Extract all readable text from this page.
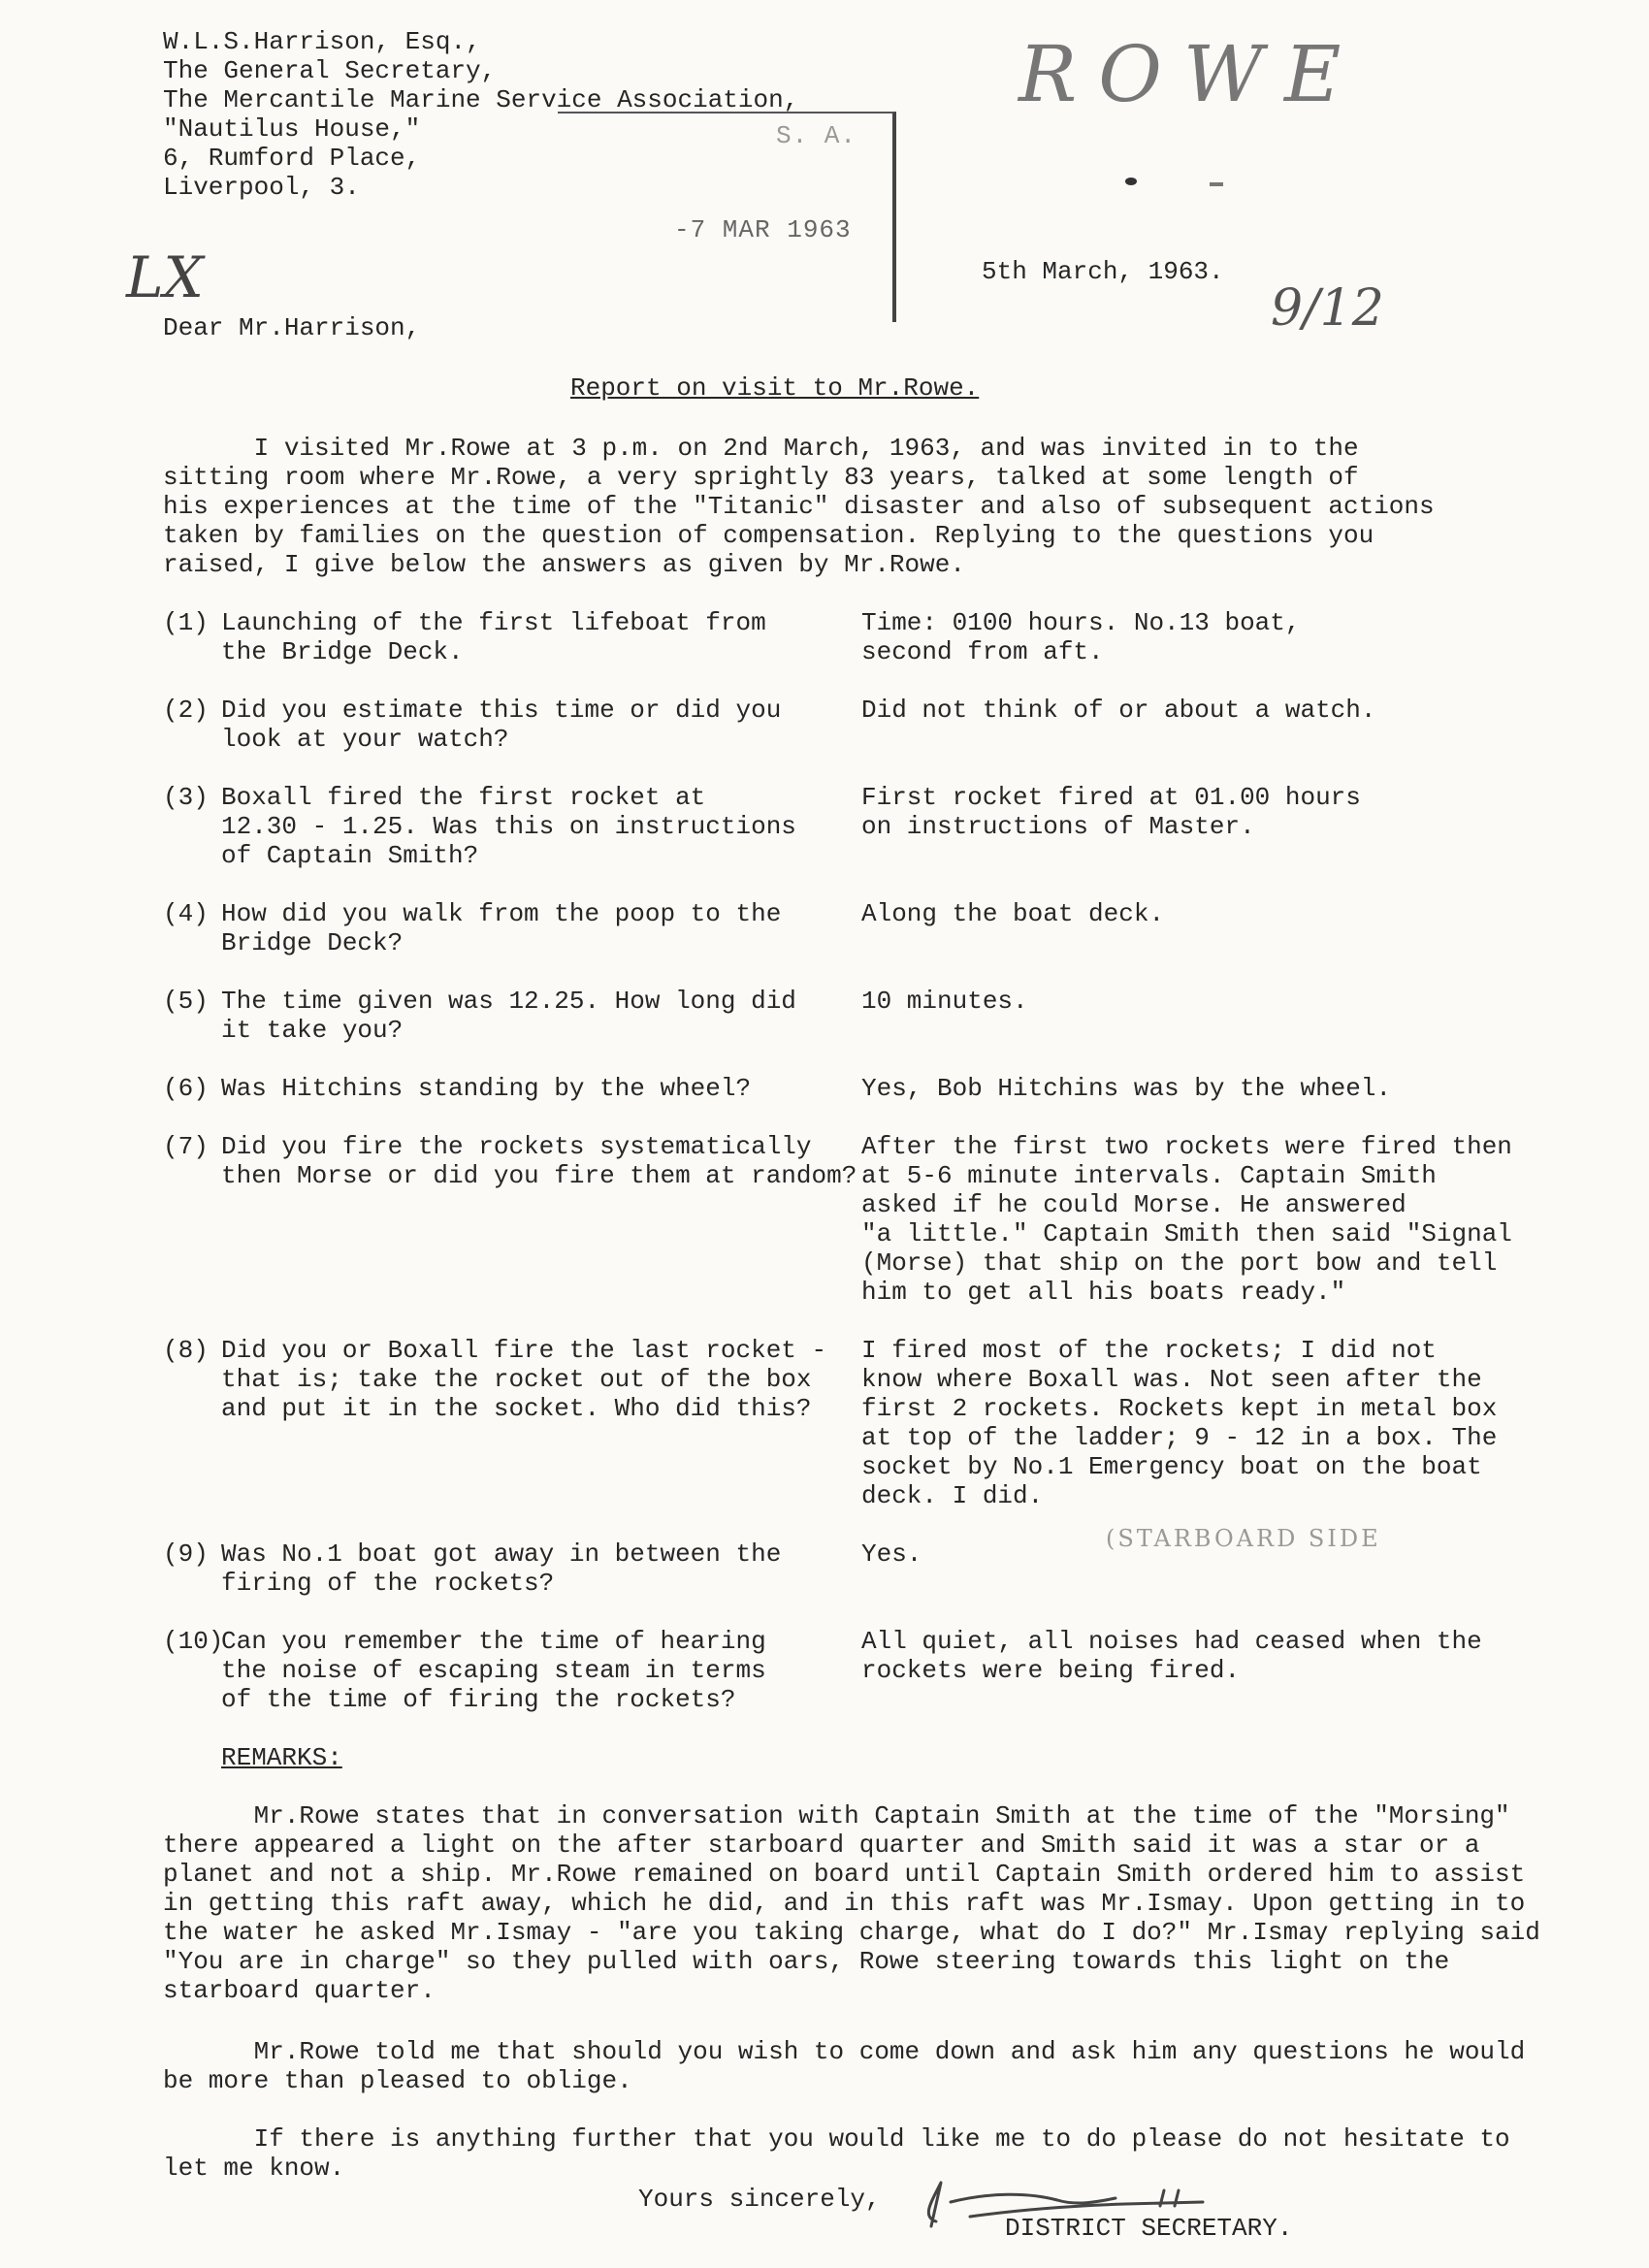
W.L.S.Harrison, Esq.,
The General Secretary,
The Mercantile Marine Service Association,
"Nautilus House,"
6, Rumford Place,
Liverpool, 3.
S. A.
-7 MAR 1963
ROWE
LX	9/12
(STARBOARD SIDE
5th March, 1963.
Dear Mr.Harrison,
Report on visit to Mr.Rowe.
I visited Mr.Rowe at 3 p.m. on 2nd March, 1963, and was invited in to the
sitting room where Mr.Rowe, a very sprightly 83 years, talked at some length of
his experiences at the time of the "Titanic" disaster and also of subsequent actions
taken by families on the question of compensation. Replying to the questions you
raised, I give below the answers as given by Mr.Rowe.
(1) Launching of the first lifeboat from
the Bridge Deck.
Time: 0100 hours. No.13 boat,
second from aft.
(2) Did you estimate this time or did you
look at your watch?
Did not think of or about a watch.
(3) Boxall fired the first rocket at
12.30 - 1.25. Was this on instructions
of Captain Smith?
First rocket fired at 01.00 hours
on instructions of Master.
(4) How did you walk from the poop to the
Bridge Deck?
Along the boat deck.
(5) The time given was 12.25. How long did
it take you?
10 minutes.
(6) Was Hitchins standing by the wheel?	Yes, Bob Hitchins was by the wheel.
(7) Did you fire the rockets systematically
then Morse or did you fire them at random?
After the first two rockets were fired then
at 5-6 minute intervals. Captain Smith
asked if he could Morse. He answered
"a little." Captain Smith then said "Signal
(Morse) that ship on the port bow and tell
him to get all his boats ready."
(8) Did you or Boxall fire the last rocket -
that is; take the rocket out of the box
and put it in the socket. Who did this?
I fired most of the rockets; I did not
know where Boxall was. Not seen after the
first 2 rockets. Rockets kept in metal box
at top of the ladder; 9 - 12 in a box. The
socket by No.1 Emergency boat on the boat
deck. I did.
(9) Was No.1 boat got away in between the
firing of the rockets?
Yes.
(10)
Can you remember the time of hearing
the noise of escaping steam in terms
of the time of firing the rockets?
All quiet, all noises had ceased when the
rockets were being fired.
REMARKS:
Mr.Rowe states that in conversation with Captain Smith at the time of the "Morsing"
there appeared a light on the after starboard quarter and Smith said it was a star or a
planet and not a ship. Mr.Rowe remained on board until Captain Smith ordered him to assist
in getting this raft away, which he did, and in this raft was Mr.Ismay. Upon getting in to
the water he asked Mr.Ismay - "are you taking charge, what do I do?" Mr.Ismay replying said
"You are in charge" so they pulled with oars, Rowe steering towards this light on the
starboard quarter.
Mr.Rowe told me that should you wish to come down and ask him any questions he would
be more than pleased to oblige.
If there is anything further that you would like me to do please do not hesitate to
let me know.
Yours sincerely,
DISTRICT SECRETARY.
